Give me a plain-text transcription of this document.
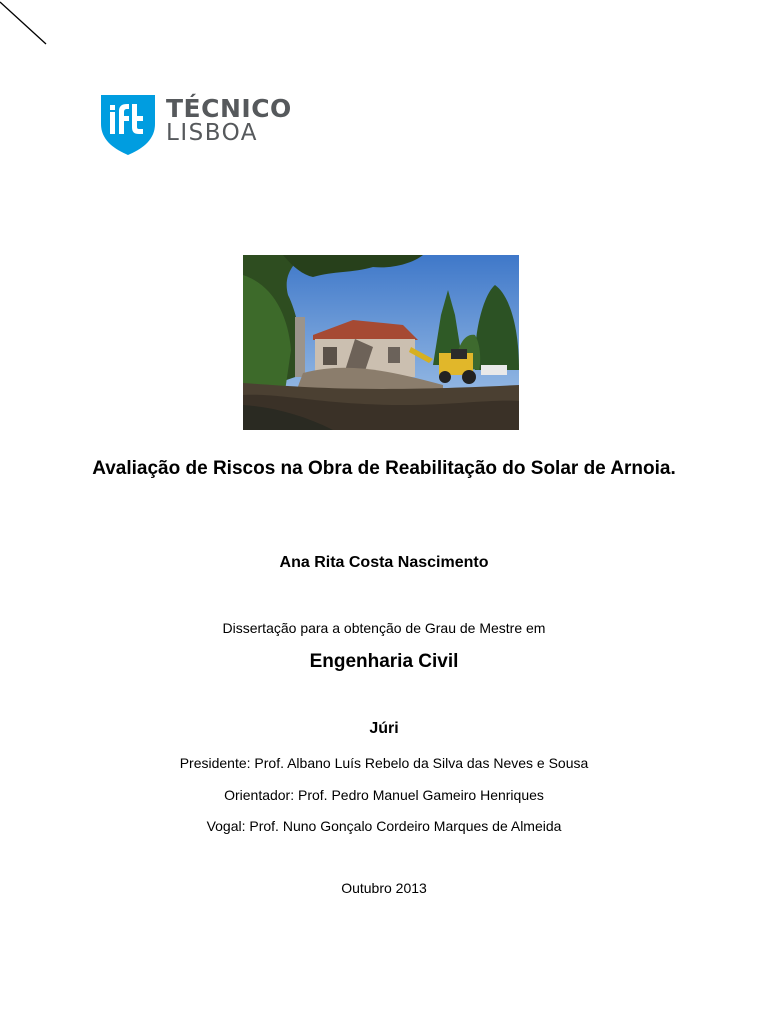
TÉCNICO
LISBOA
Avaliação de Riscos na Obra de Reabilitação do Solar de Arnoia.
Ana Rita Costa Nascimento
Dissertação para a obtenção de Grau de Mestre em
Engenharia Civil
Júri
Presidente: Prof. Albano Luís Rebelo da Silva das Neves e Sousa
Orientador: Prof. Pedro Manuel Gameiro Henriques
Vogal: Prof. Nuno Gonçalo Cordeiro Marques de Almeida
Outubro 2013
